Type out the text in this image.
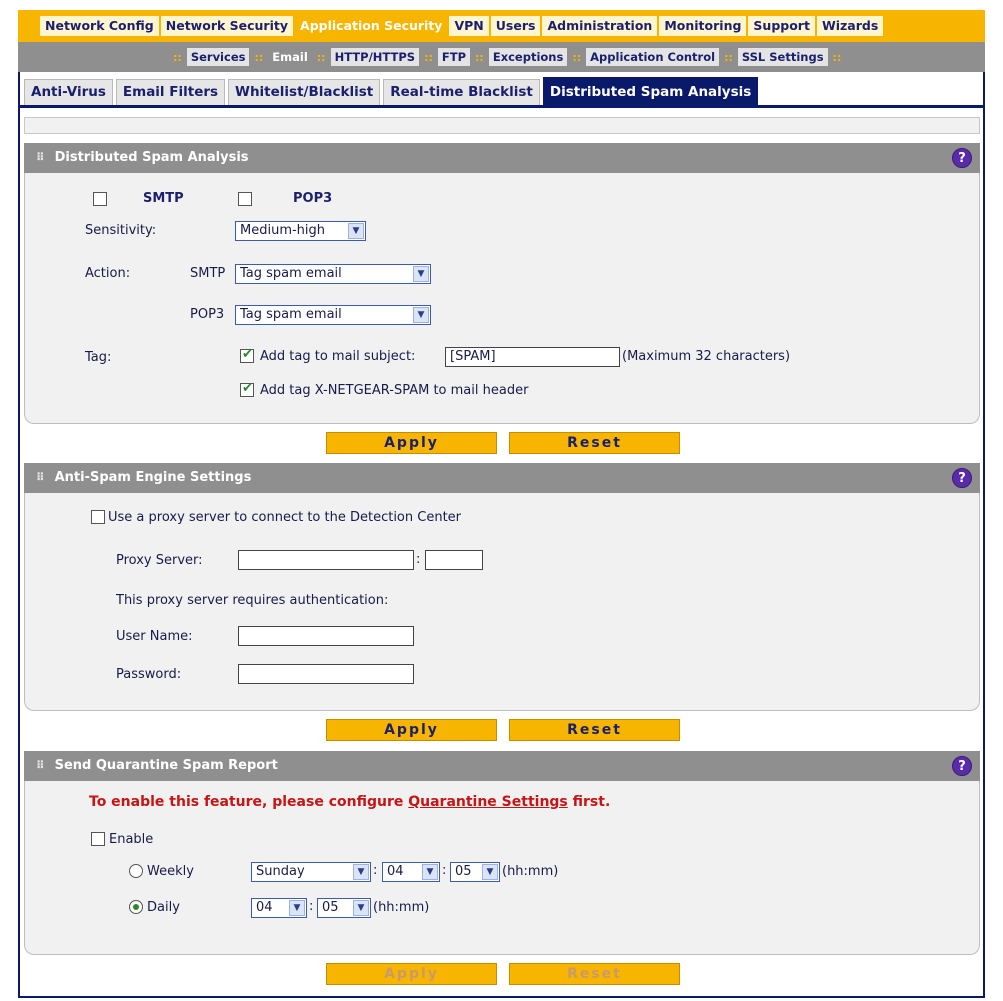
Network Config Network Security Application Security VPN Users Administration Monitoring Support Wizards
:: Services :: Email :: HTTP/HTTPS :: FTP :: Exceptions :: Application Control :: SSL Settings ::
Anti-Virus	Email Filters	Whitelist/Blacklist	Real-time Blacklist	Distributed Spam Analysis
⠿ Distributed Spam Analysis	?
SMTP	POP3
Sensitivity:	Medium-high	▼
Action:	SMTP	Tag spam email	▼
POP3	Tag spam email	▼
Tag:
✔	Add tag to mail subject:	[SPAM]	(Maximum 32 characters)
✔
Add tag X-NETGEAR-SPAM to mail header
Apply	Reset
⠿ Anti-Spam Engine Settings	?
Use a proxy server to connect to the Detection Center
Proxy Server:	:
This proxy server requires authentication:
User Name:
Password:
Apply	Reset
⠿ Send Quarantine Spam Report	?
To enable this feature, please configure Quarantine Settings first.
Enable
Weekly	Sunday	▼ : 04	▼ : 05	▼ (hh:mm)
Daily	04	▼ : 05	▼ (hh:mm)
Apply	Reset
